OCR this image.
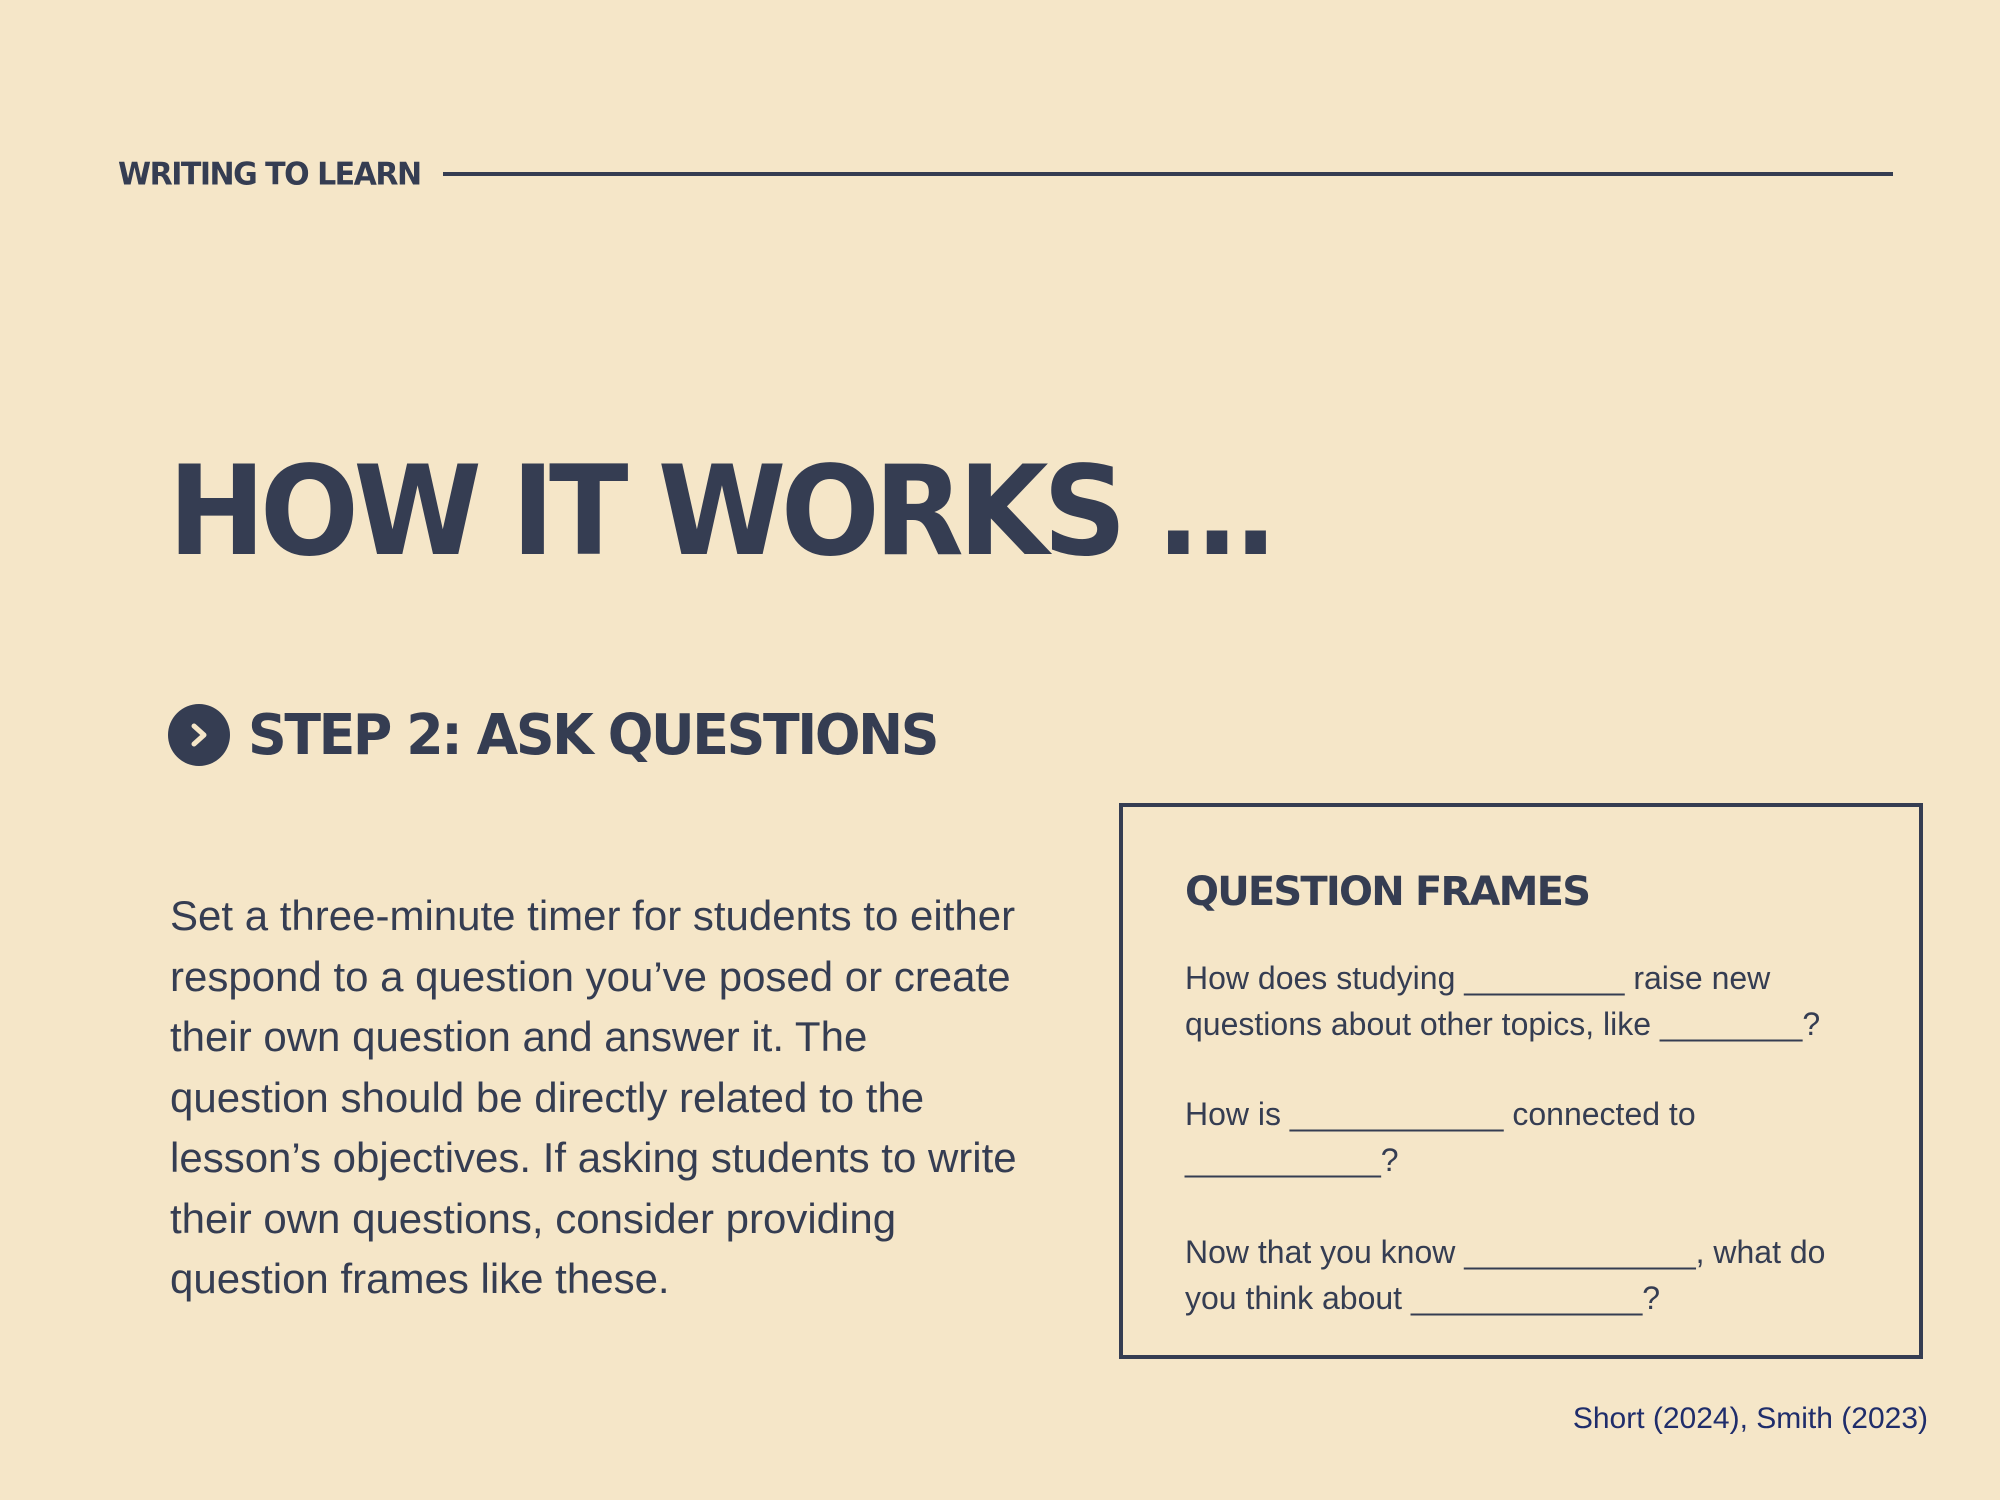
WRITING TO LEARN
HOW IT WORKS ...
STEP 2: ASK QUESTIONS
Set a three-minute timer for students to either respond to a question you’ve posed or create their own question and answer it. The question should be directly related to the lesson’s objectives. If asking students to write their own questions, consider providing question frames like these.
QUESTION FRAMES
How does studying _________ raise new questions about other topics, like ________?
How is ____________ connected to ___________?
Now that you know _____________, what do you think about _____________?
Short (2024), Smith (2023)
